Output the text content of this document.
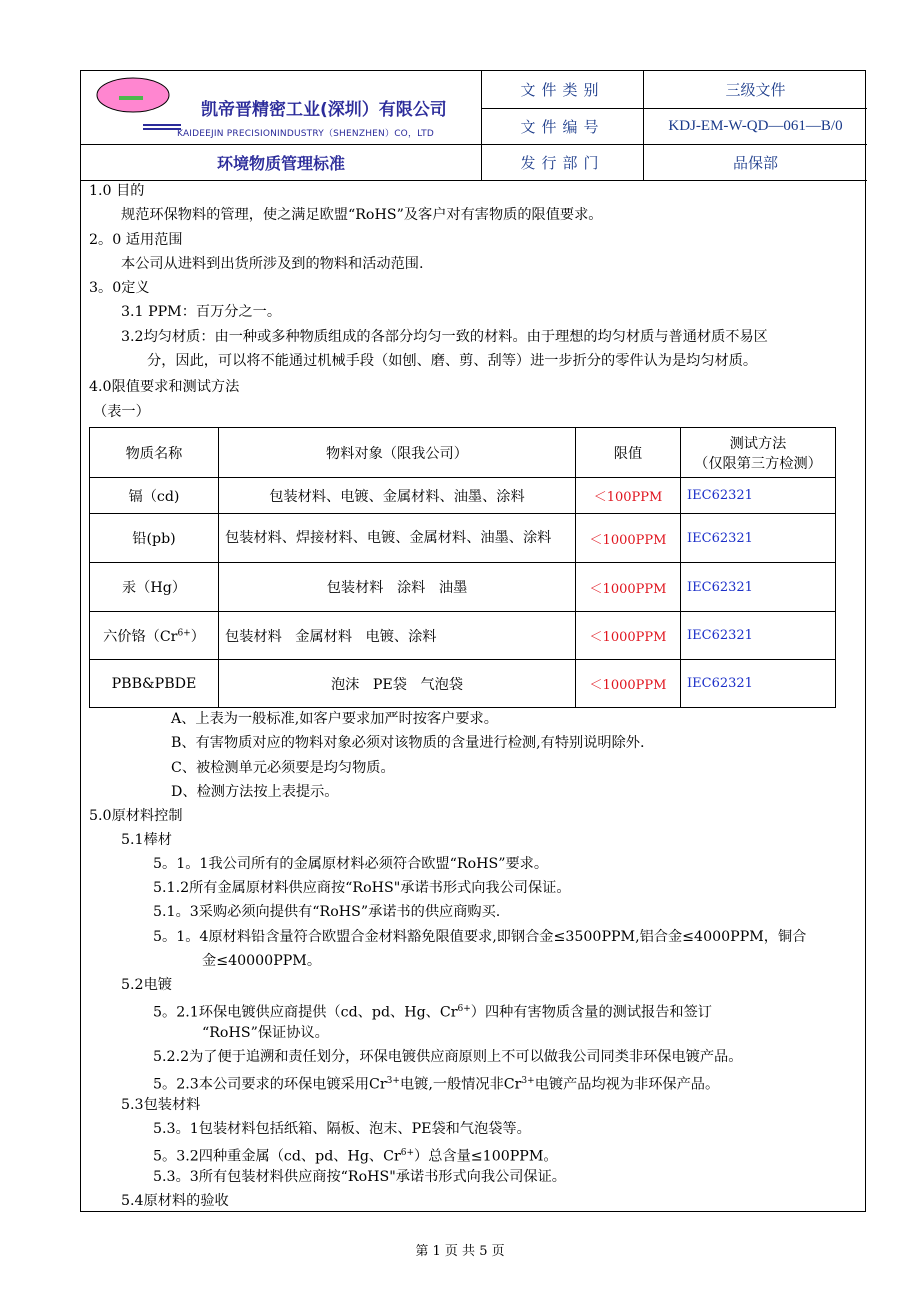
凯帝晋精密工业(深圳）有限公司
KAIDEEJIN PRECISIONINDUSTRY（SHENZHEN）CO，LTD
文件类别	三级文件
文件编号	KDJ-EM-W-QD—061—B/0
环境物质管理标准	发行部门	品保部
1.0 目的
规范环保物料的管理，使之满足欧盟“RoHS”及客户对有害物质的限值要求。
2。0 适用范围
本公司从进料到出货所涉及到的物料和活动范围.
3。0定义
3.1 PPM：百万分之一。
3.2均匀材质：由一种或多种物质组成的各部分均匀一致的材料。由于理想的均匀材质与普通材质不易区
分，因此，可以将不能通过机械手段（如刨、磨、剪、刮等）进一步折分的零件认为是均匀材质。
4.0限值要求和测试方法
（表一）
物质名称	物料对象（限我公司）	限值	测试方法
（仅限第三方检测）

镉（cd)	包装材料、电镀、金属材料、油墨、涂料	＜100PPM	IEC62321
铅(pb)	包装材料、焊接材料、电镀、金属材料、油墨、涂料	＜1000PPM	IEC62321
汞（Hg）	包装材料   涂料   油墨	＜1000PPM	IEC62321
六价铬$(Cr^{6+})$	包装材料   金属材料   电镀、涂料	＜1000PPM	IEC62321
PBB&PBDE	泡沫   PE袋   气泡袋	＜1000PPM	IEC62321
A、上表为一般标准,如客户要求加严时按客户要求。
B、有害物质对应的物料对象必须对该物质的含量进行检测,有特别说明除外.
C、被检测单元必须要是均匀物质。
D、检测方法按上表提示。
5.0原材料控制
5.1棒材
5。1。1我公司所有的金属原材料必须符合欧盟“RoHS”要求。
5.1.2所有金属原材料供应商按“RoHS"承诺书形式向我公司保证。
5.1。3采购必须向提供有“RoHS”承诺书的供应商购买.
5。1。4原材料铅含量符合欧盟合金材料豁免限值要求,即钢合金≤3500PPM,铝合金≤4000PPM，铜合
金≤40000PPM。
5.2电镀
5。2.1环保电镀供应商提供（cd、pd、Hg、$Cr^{6+}$）四种有害物质含量的测试报告和签订
“RoHS”保证协议。
5.2.2为了便于追溯和责任划分，环保电镀供应商原则上不可以做我公司同类非环保电镀产品。
5。2.3本公司要求的环保电镀采用$Cr^{3+}$电镀,一般情况非$Cr^{3+}$电镀产品均视为非环保产品。
5.3包装材料
5.3。1包装材料包括纸箱、隔板、泡末、PE袋和气泡袋等。
5。3.2四种重金属（cd、pd、Hg、$Cr^{6+}$）总含量≤100PPM。
5.3。3所有包装材料供应商按“RoHS"承诺书形式向我公司保证。
5.4原材料的验收
第 1 页 共 5 页
